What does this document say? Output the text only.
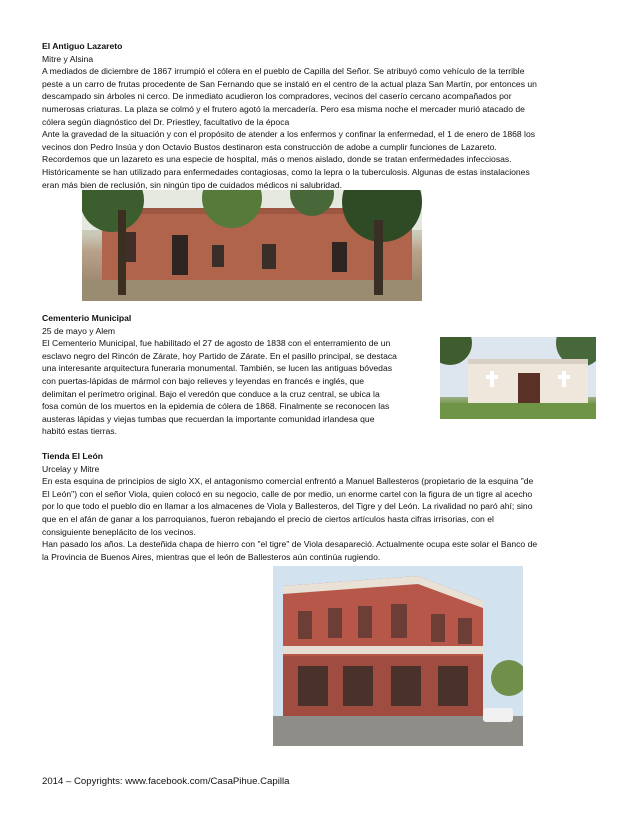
El Antiguo Lazareto
Mitre y Alsina
A mediados de diciembre de 1867 irrumpió el cólera en el pueblo de Capilla del Señor. Se atribuyó como vehículo de la terrible
peste a un carro de frutas procedente de San Fernando que se instaló en el centro de la actual plaza San Martín, por entonces un
descampado sin árboles ni cerco. De inmediato acudieron los compradores, vecinos del caserío cercano acompañados por
numerosas criaturas. La plaza se colmó y el frutero agotó la mercadería. Pero esa misma noche el mercader murió atacado de
cólera según diagnóstico del Dr. Priestley, facultativo de la época
Ante la gravedad de la situación y con el propósito de atender a los enfermos y confinar la enfermedad, el 1 de enero de 1868 los
vecinos don Pedro Insúa y don Octavio Bustos destinaron esta construcción de adobe a cumplir funciones de Lazareto.
Recordemos que un lazareto es una especie de hospital, más o menos aislado, donde se tratan enfermedades infecciosas.
Históricamente se han utilizado para enfermedades contagiosas, como la lepra o la tuberculosis. Algunas de estas instalaciones
eran más bien de reclusión, sin ningún tipo de cuidados médicos ni salubridad.
Cementerio Municipal
25 de mayo y Alem
El Cementerio Municipal, fue habilitado el 27 de agosto de 1838 con el enterramiento de un
esclavo negro del Rincón de Zárate, hoy Partido de Zárate. En el pasillo principal, se destaca
una interesante arquitectura funeraria monumental. También, se lucen las antiguas bóvedas
con puertas-lápidas de mármol con bajo relieves y leyendas en francés e inglés, que
delimitan el perímetro original. Bajo el veredón que conduce a la cruz central, se ubica la
fosa común de los muertos en la epidemia de cólera de 1868. Finalmente se reconocen las
austeras lápidas y viejas tumbas que recuerdan la importante comunidad irlandesa que
habitó estas tierras.
Tienda El León
Urcelay y Mitre
En esta esquina de principios de siglo XX, el antagonismo comercial enfrentó a Manuel Ballesteros (propietario de la esquina "de
El León") con el señor Viola, quien colocó en su negocio, calle de por medio, un enorme cartel con la figura de un tigre al acecho
por lo que todo el pueblo dio en llamar a los almacenes de Viola y Ballesteros, del Tigre y del León. La rivalidad no paró ahí; sino
que en el afán de ganar a los parroquianos, fueron rebajando el precio de ciertos artículos hasta cifras irrisorias, con el
consiguiente beneplácito de los vecinos.
Han pasado los años. La desteñida chapa de hierro con "el tigre" de Viola desapareció. Actualmente ocupa este solar el Banco de
la Provincia de Buenos Aires, mientras que el león de Ballesteros aún continúa rugiendo.
2014 – Copyrights: www.facebook.com/CasaPihue.Capilla
